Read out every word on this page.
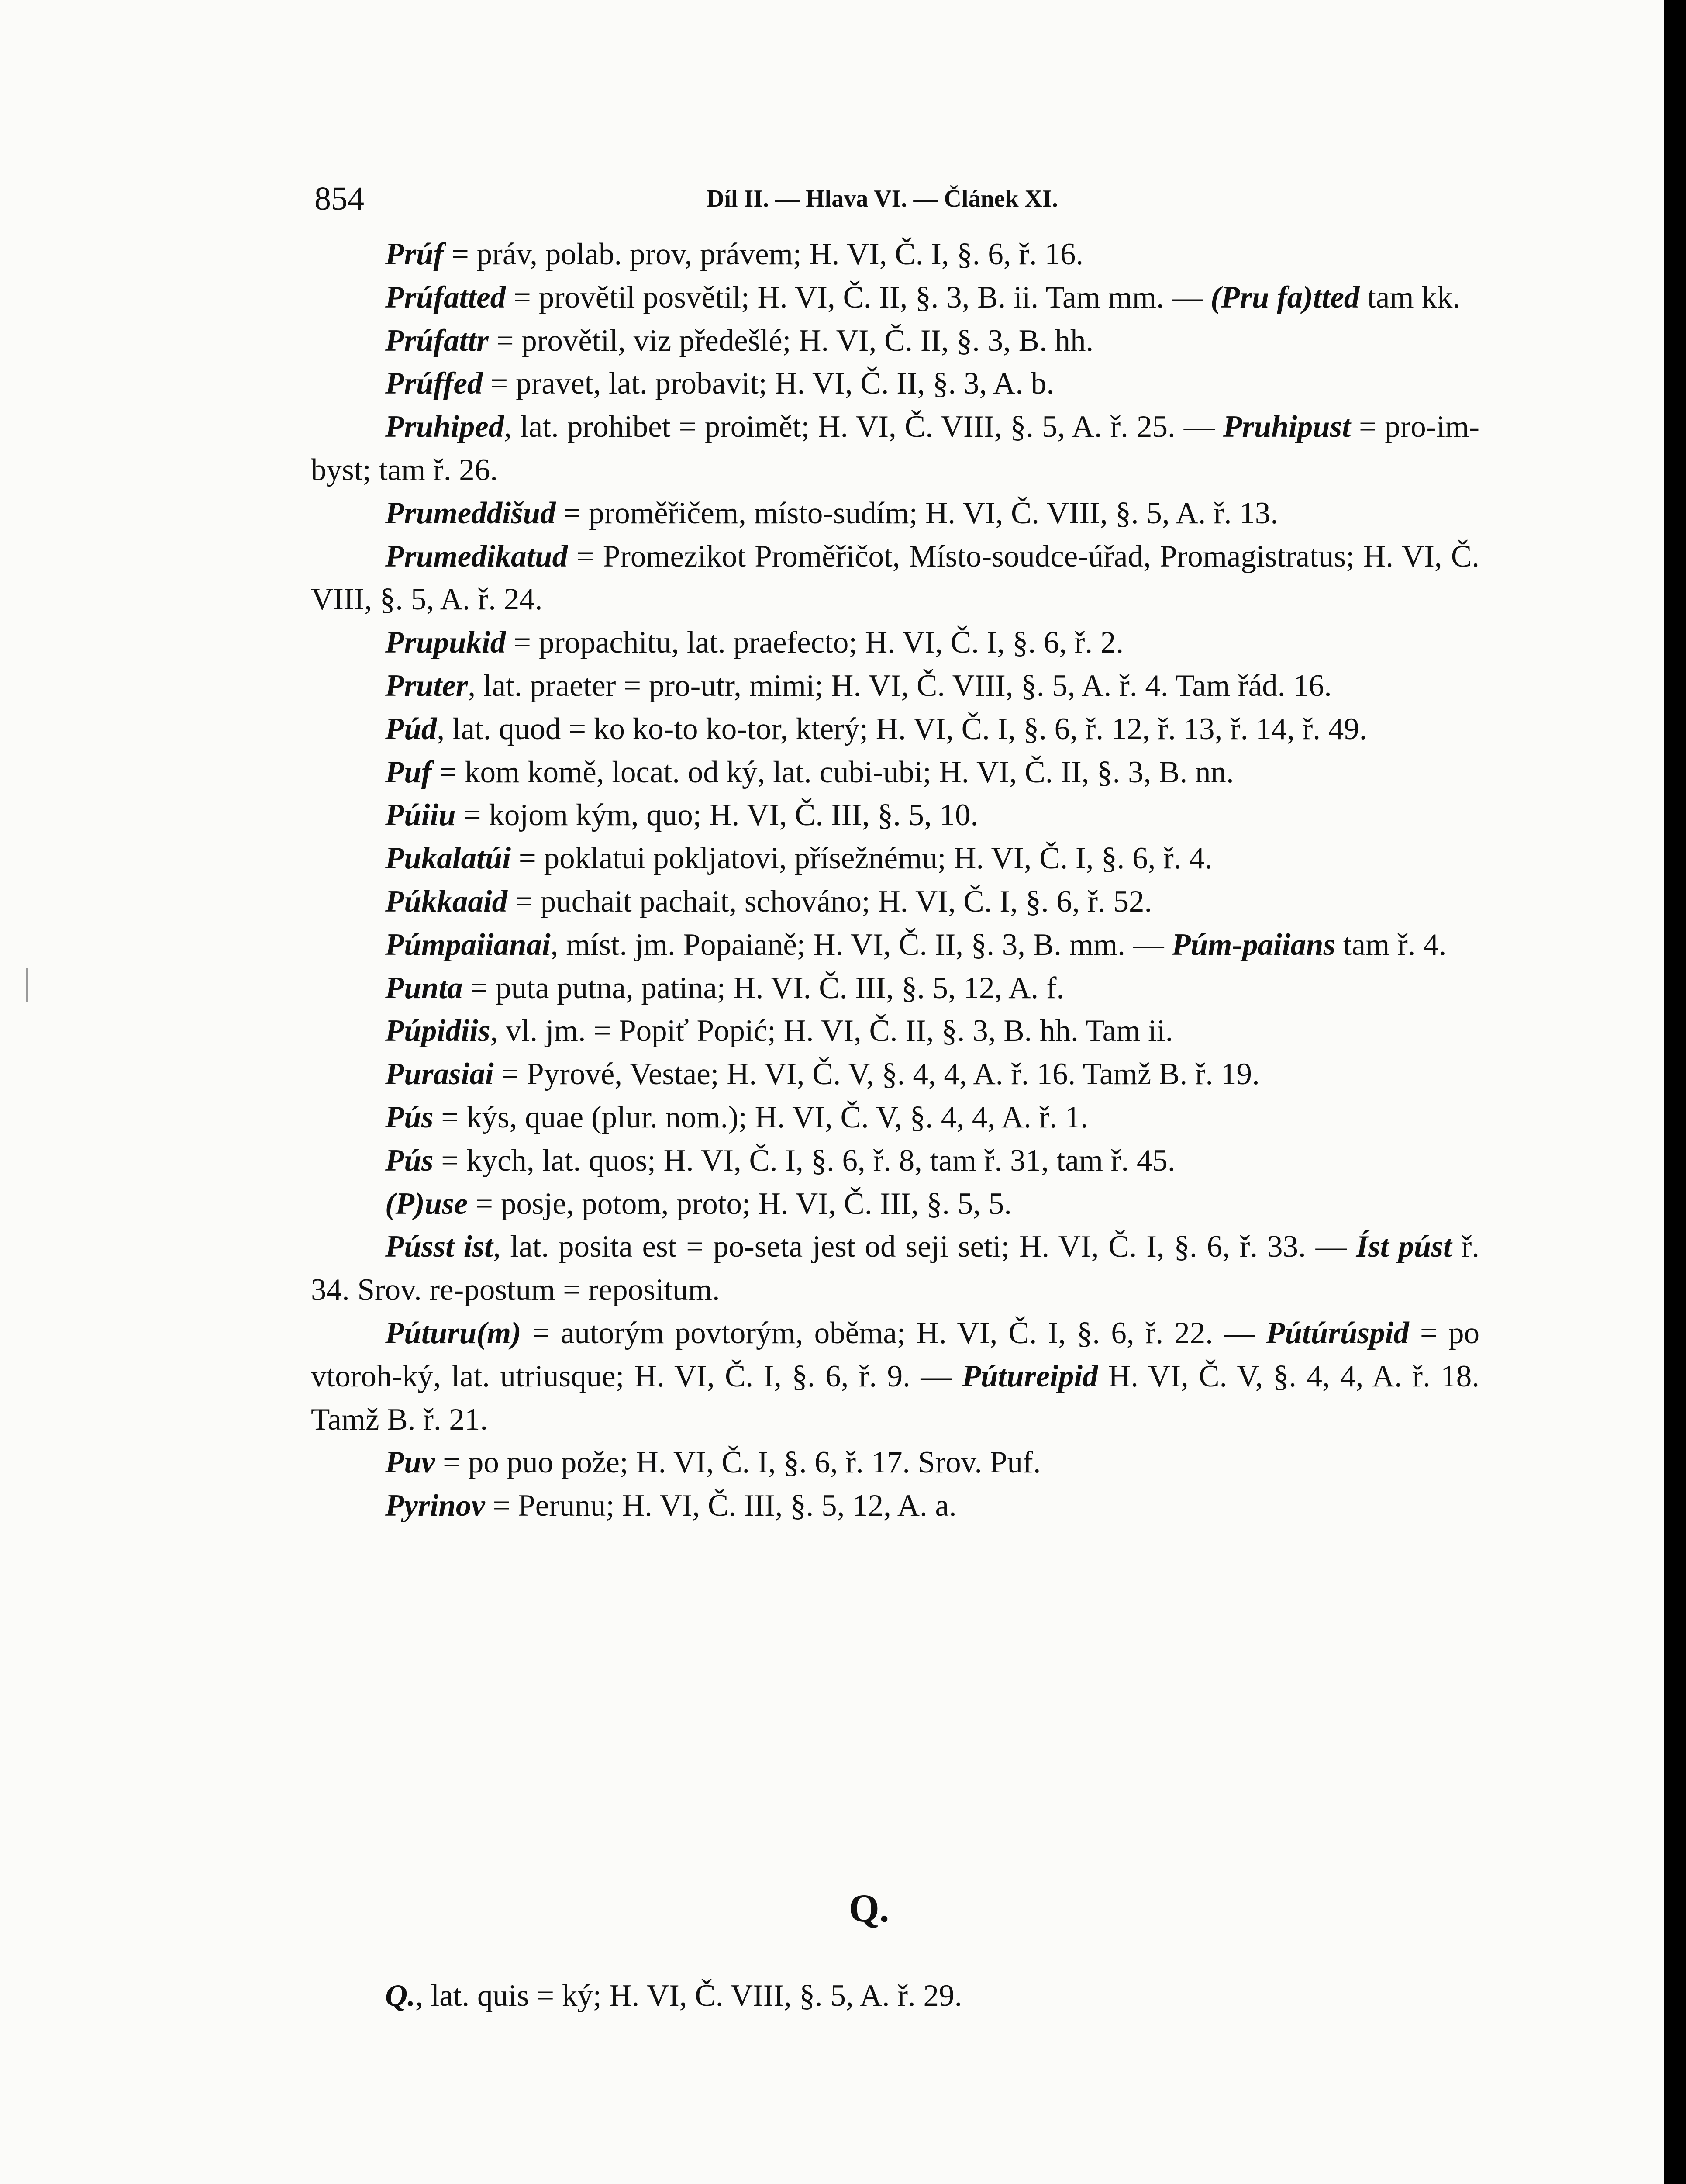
854	Díl II. — Hlava VI. — Článek XI.

Prúf = práv, polab. prov, právem; H. VI, Č. I, §. 6, ř. 16.

Prúfatted = provětil posvětil; H. VI, Č. II, §. 3, B. ii. Tam mm. — (Pru fa)tted tam kk.

Prúfattr = provětil, viz předešlé; H. VI, Č. II, §. 3, B. hh.

Prúffed = pravet, lat. probavit; H. VI, Č. II, §. 3, A. b.

Pruhiped, lat. prohibet = proimět; H. VI, Č. VIII, §. 5, A. ř. 25. — Pruhipust = pro-im-byst; tam ř. 26.

Prumeddišud = proměřičem, místo-sudím; H. VI, Č. VIII, §. 5, A. ř. 13.

Prumedikatud = Promezikot Proměřičot, Místo-soudce-úřad, Promagistratus; H. VI, Č. VIII, §. 5, A. ř. 24.

Prupukid = propachitu, lat. praefecto; H. VI, Č. I, §. 6, ř. 2.

Pruter, lat. praeter = pro-utr, mimi; H. VI, Č. VIII, §. 5, A. ř. 4. Tam řád. 16.

Púd, lat. quod = ko ko-to ko-tor, který; H. VI, Č. I, §. 6, ř. 12, ř. 13, ř. 14, ř. 49.

Puf = kom komě, locat. od ký, lat. cubi-ubi; H. VI, Č. II, §. 3, B. nn.

Púiiu = kojom kým, quo; H. VI, Č. III, §. 5, 10.

Pukalatúi = poklatui pokljatovi, přísežnému; H. VI, Č. I, §. 6, ř. 4.

Púkkaaid = puchait pachait, schováno; H. VI, Č. I, §. 6, ř. 52.

Púmpaiianai, míst. jm. Popaianě; H. VI, Č. II, §. 3, B. mm. — Púm-paiians tam ř. 4.

Punta = puta putna, patina; H. VI. Č. III, §. 5, 12, A. f.

Púpidiis, vl. jm. = Popiť Popić; H. VI, Č. II, §. 3, B. hh. Tam ii.

Purasiai = Pyrové, Vestae; H. VI, Č. V, §. 4, 4, A. ř. 16. Tamž B. ř. 19.

Pús = kýs, quae (plur. nom.); H. VI, Č. V, §. 4, 4, A. ř. 1.

Pús = kych, lat. quos; H. VI, Č. I, §. 6, ř. 8, tam ř. 31, tam ř. 45.

(P)use = posje, potom, proto; H. VI, Č. III, §. 5, 5.

Pússt ist, lat. posita est = po-seta jest od seji seti; H. VI, Č. I, §. 6, ř. 33. — Íst púst ř. 34. Srov. re-postum = repositum.

Púturu(m) = autorým povtorým, oběma; H. VI, Č. I, §. 6, ř. 22. — Pútúrúspid = po vtoroh-ký, lat. utriusque; H. VI, Č. I, §. 6, ř. 9. — Pútureipid H. VI, Č. V, §. 4, 4, A. ř. 18. Tamž B. ř. 21.

Puv = po puo pože; H. VI, Č. I, §. 6, ř. 17. Srov. Puf.

Pyrinov = Perunu; H. VI, Č. III, §. 5, 12, A. a.

Q.

Q., lat. quis = ký; H. VI, Č. VIII, §. 5, A. ř. 29.
